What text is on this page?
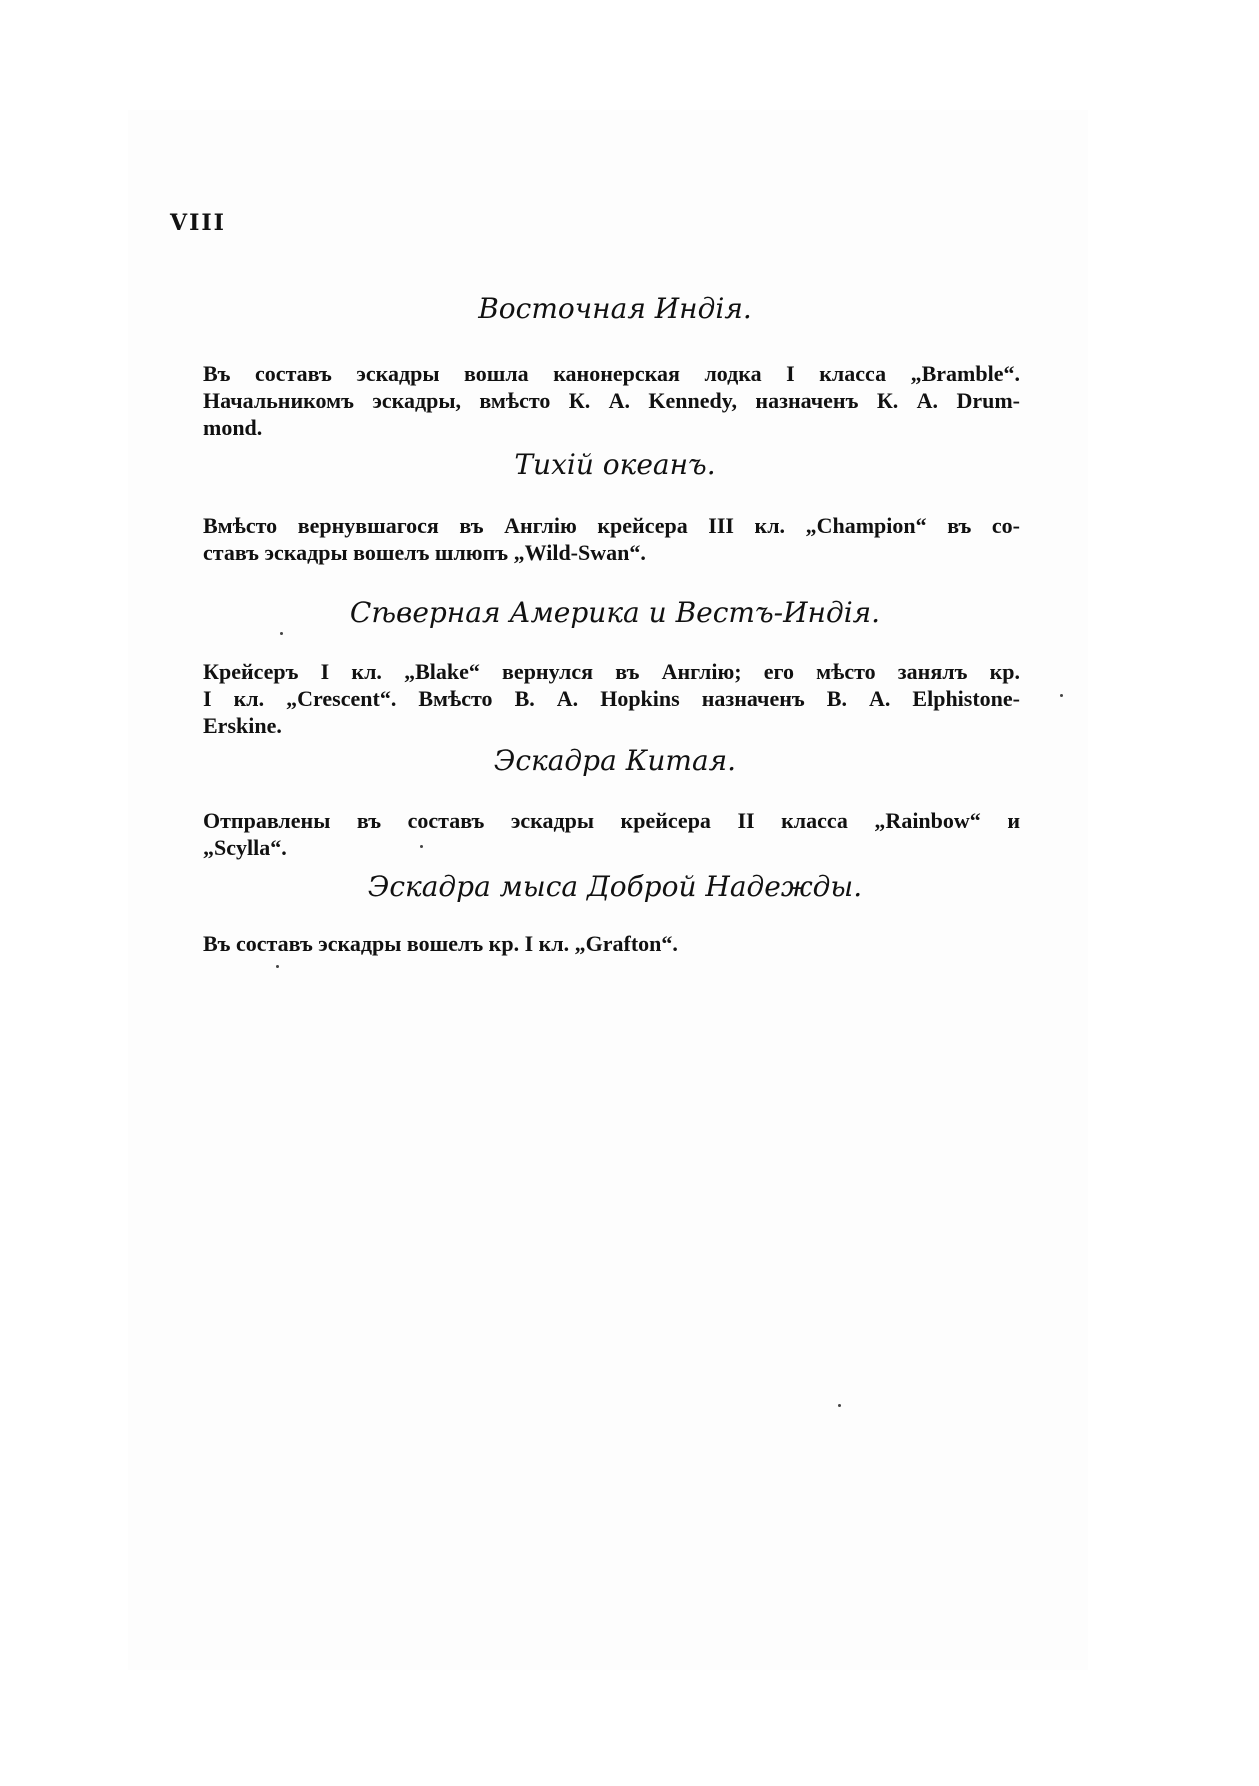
VIII
Восточная Индія.
Въ составъ эскадры вошла канонерская лодка I класса „Bramble“.
Начальникомъ эскадры, вмѣсто К. А. Kennedy, назначенъ К. А. Drum-
mond.
Тихій океанъ.
Вмѣсто вернувшагося въ Англію крейсера III кл. „Champion“ въ со-
ставъ эскадры вошелъ шлюпъ „Wild-Swan“.
Сѣверная Америка и Вестъ-Индія.
Крейсеръ I кл. „Blake“ вернулся въ Англію; его мѣсто занялъ кр.
I кл. „Crescent“. Вмѣсто В. А. Hopkins назначенъ В. А. Elphistone-
Erskine.
Эскадра Китая.
Отправлены въ составъ эскадры крейсера II класса „Rainbow“ и
„Scylla“.
Эскадра мыса Доброй Надежды.
Въ составъ эскадры вошелъ кр. I кл. „Grafton“.
